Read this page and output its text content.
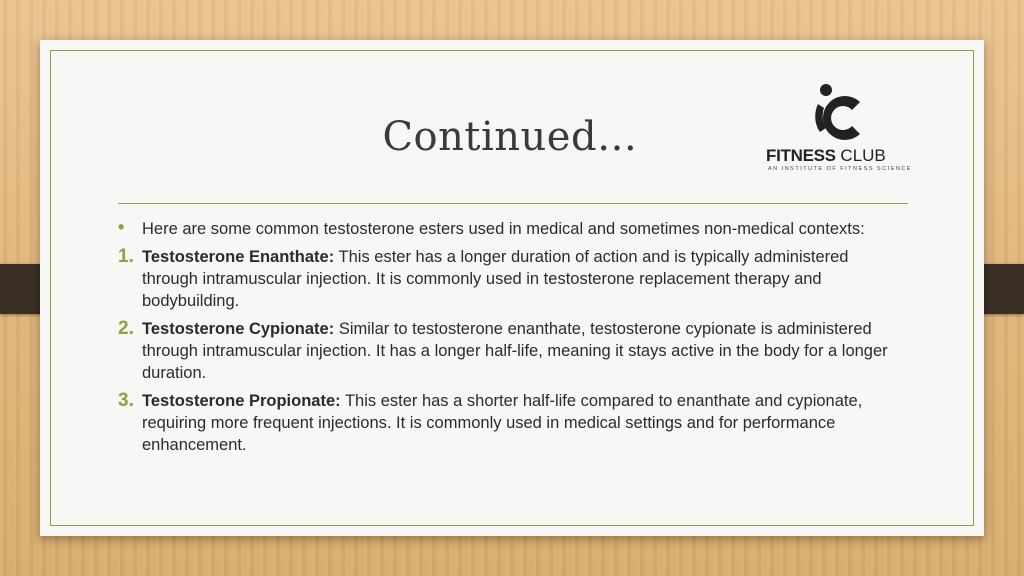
Continued…	FITNESS CLUB
AN INSTITUTE OF FITNESS SCIENCE
• Here are some common testosterone esters used in medical and sometimes non-medical contexts:
1. Testosterone Enanthate: This ester has a longer duration of action and is typically administered through intramuscular injection. It is commonly used in testosterone replacement therapy and bodybuilding.
2. Testosterone Cypionate: Similar to testosterone enanthate, testosterone cypionate is administered through intramuscular injection. It has a longer half-life, meaning it stays active in the body for a longer duration.
3. Testosterone Propionate: This ester has a shorter half-life compared to enanthate and cypionate, requiring more frequent injections. It is commonly used in medical settings and for performance enhancement.
